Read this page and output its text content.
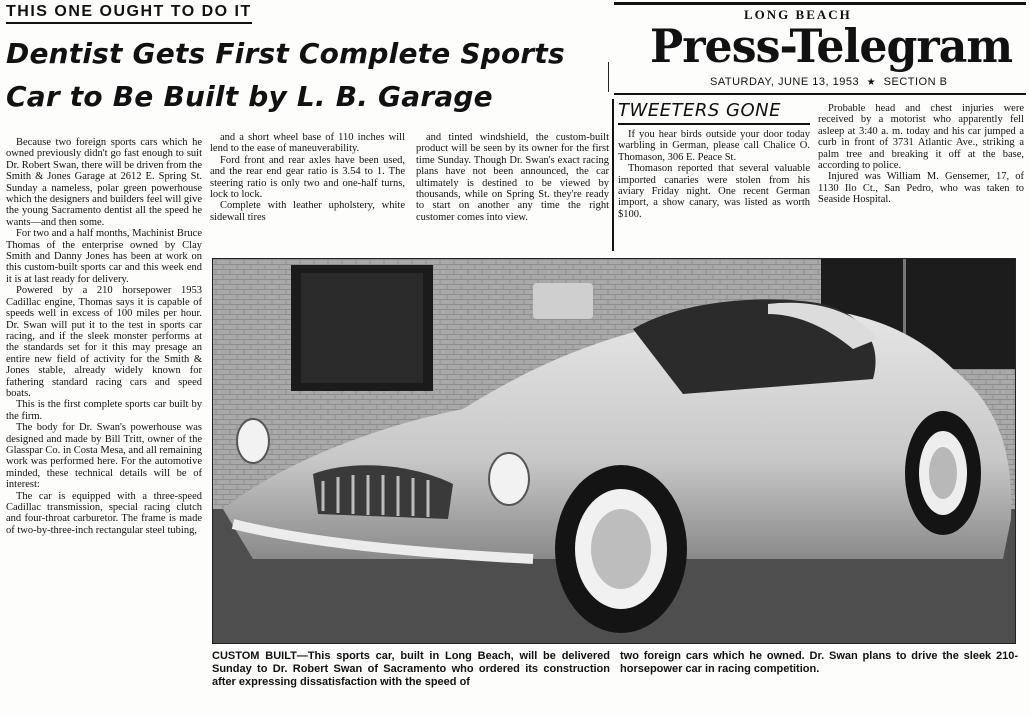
THIS ONE OUGHT TO DO IT
Dentist Gets First Complete Sports
Car to Be Built by L. B. Garage
LONG BEACH
Press-Telegram
SATURDAY, JUNE 13, 1953 ★ SECTION B

Because two foreign sports cars which he owned previously didn't go fast enough to suit Dr. Robert Swan, there will be driven from the Smith & Jones Garage at 2612 E. Spring St. Sunday a nameless, polar green powerhouse which the designers and builders feel will give the young Sacramento dentist all the speed he wants—and then some.

For two and a half months, Machinist Bruce Thomas of the enterprise owned by Clay Smith and Danny Jones has been at work on this custom-built sports car and this week end it is at last ready for delivery.

Powered by a 210 horsepower 1953 Cadillac engine, Thomas says it is capable of speeds well in excess of 100 miles per hour. Dr. Swan will put it to the test in sports car racing, and if the sleek monster performs at the standards set for it this may presage an entire new field of activity for the Smith & Jones stable, already widely known for fathering standard racing cars and speed boats.

This is the first complete sports car built by the firm.

The body for Dr. Swan's powerhouse was designed and made by Bill Tritt, owner of the Glasspar Co. in Costa Mesa, and all remaining work was performed here. For the automotive minded, these technical details will be of interest:

The car is equipped with a three-speed Cadillac transmission, special racing clutch and four-throat carburetor. The frame is made of two-by-three-inch rectangular steel tubing,

and a short wheel base of 110 inches will lend to the ease of maneuverability.

Ford front and rear axles have been used, and the rear end gear ratio is 3.54 to 1. The steering ratio is only two and one-half turns, lock to lock.

Complete with leather upholstery, white sidewall tires

and tinted windshield, the custom-built product will be seen by its owner for the first time Sunday. Though Dr. Swan's exact racing plans have not been announced, the car ultimately is destined to be viewed by thousands, while on Spring St. they're ready to start on another any time the right customer comes into view.

TWEETERS GONE

If you hear birds outside your door today warbling in German, please call Chalice O. Thomason, 306 E. Peace St.

Thomason reported that several valuable imported canaries were stolen from his aviary Friday night. One recent German import, a show canary, was listed as worth $100.

Probable head and chest injuries were received by a motorist who apparently fell asleep at 3:40 a. m. today and his car jumped a curb in front of 3731 Atlantic Ave., striking a palm tree and breaking it off at the base, according to police.

Injured was William M. Gensemer, 17, of 1130 Ilo Ct., San Pedro, who was taken to Seaside Hospital.

CUSTOM BUILT—This sports car, built in Long Beach, will be delivered Sunday to Dr. Robert Swan of Sacramento who ordered its construction after expressing dissatisfaction with the speed of
two foreign cars which he owned. Dr. Swan plans to drive the sleek 210-horsepower car in racing competition.
